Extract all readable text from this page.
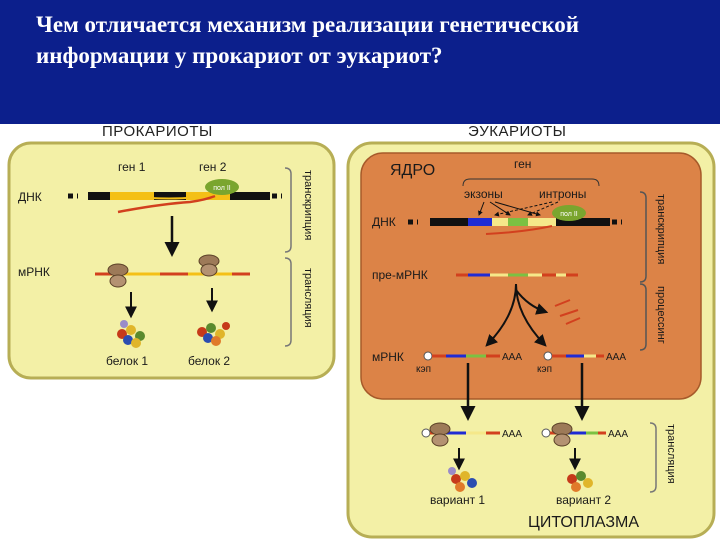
Чем отличается механизм реализации генетической информации у прокариот от эукариот?
ПРОКАРИОТЫ
ген 1	ген 2
ДНК
пол II
мРНК
белок 1	белок 2
транскрипция
трансляция
ЭУКАРИОТЫ
ЯДРО	ген
экзоны	интроны
ДНК
пол II
пре-мРНК
мРНК	AAA
кэп
AAA
кэп
AAA	AAA
вариант 1	вариант 2
ЦИТОПЛАЗМА
транскрипция
процессинг
трансляция
